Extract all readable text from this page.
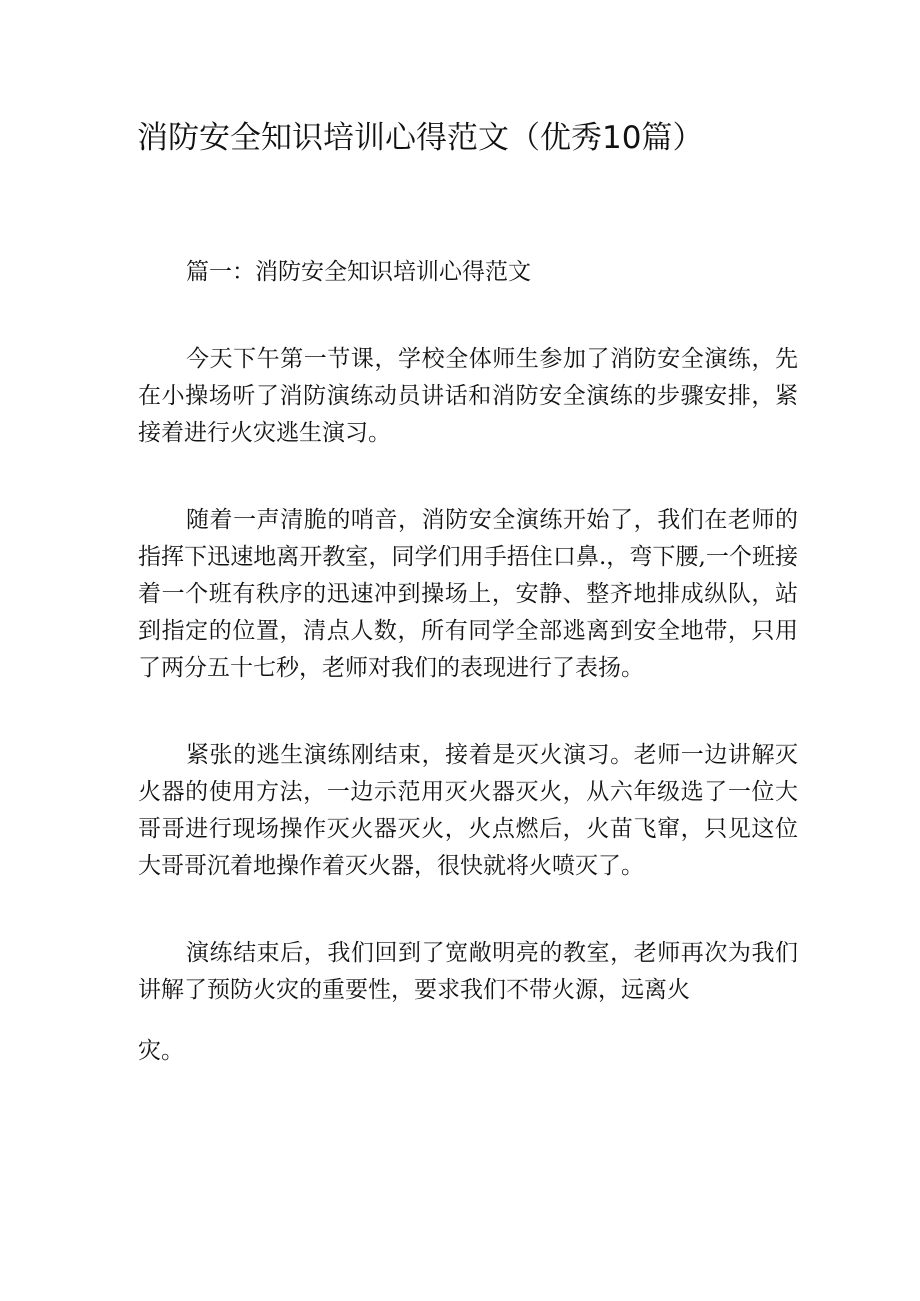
消防安全知识培训心得范文（优秀10篇）

篇一：消防安全知识培训心得范文

今天下午第一节课，学校全体师生参加了消防安全演练，先在小操场听了消防演练动员讲话和消防安全演练的步骤安排，紧接着进行火灾逃生演习。

随着一声清脆的哨音，消防安全演练开始了，我们在老师的指挥下迅速地离开教室，同学们用手捂住口鼻.，弯下腰,一个班接着一个班有秩序的迅速冲到操场上，安静、整齐地排成纵队，站到指定的位置，清点人数，所有同学全部逃离到安全地带，只用了两分五十七秒，老师对我们的表现进行了表扬。

紧张的逃生演练刚结束，接着是灭火演习。老师一边讲解灭火器的使用方法，一边示范用灭火器灭火，从六年级选了一位大哥哥进行现场操作灭火器灭火，火点燃后，火苗飞窜，只见这位大哥哥沉着地操作着灭火器，很快就将火喷灭了。

演练结束后，我们回到了宽敞明亮的教室，老师再次为我们讲解了预防火灾的重要性，要求我们不带火源，远离火

灾。
